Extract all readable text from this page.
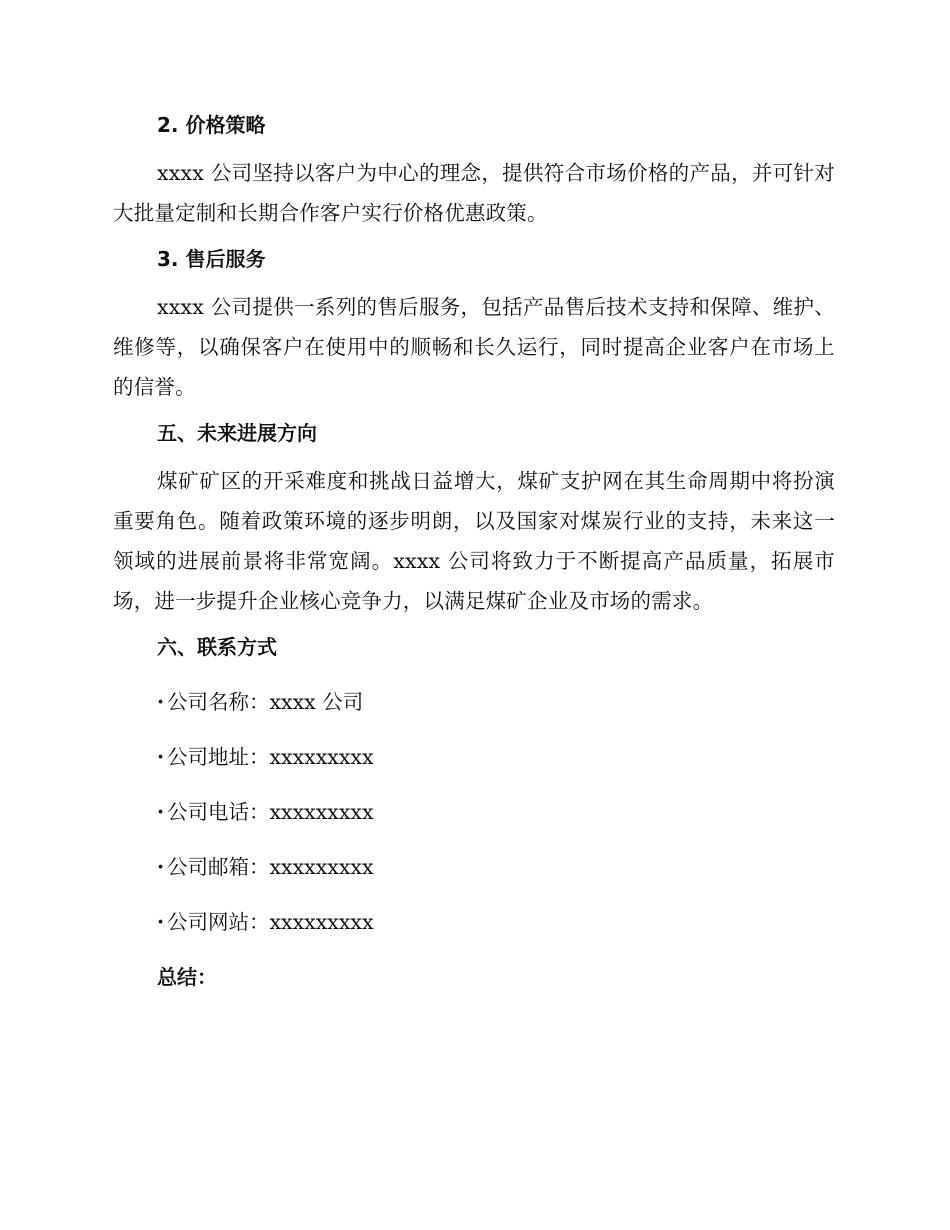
2. 价格策略

xxxx 公司坚持以客户为中心的理念，提供符合市场价格的产品，并可针对大批量定制和长期合作客户实行价格优惠政策。

3. 售后服务

xxxx 公司提供一系列的售后服务，包括产品售后技术支持和保障、维护、维修等，以确保客户在使用中的顺畅和长久运行，同时提高企业客户在市场上的信誉。

五、未来进展方向

煤矿矿区的开采难度和挑战日益增大，煤矿支护网在其生命周期中将扮演重要角色。随着政策环境的逐步明朗，以及国家对煤炭行业的支持，未来这一领域的进展前景将非常宽阔。xxxx 公司将致力于不断提高产品质量，拓展市场，进一步提升企业核心竞争力，以满足煤矿企业及市场的需求。

六、联系方式
· 公司名称：xxxx 公司
· 公司地址：xxxxxxxxx
· 公司电话：xxxxxxxxx
· 公司邮箱：xxxxxxxxx
· 公司网站：xxxxxxxxx
总结：
